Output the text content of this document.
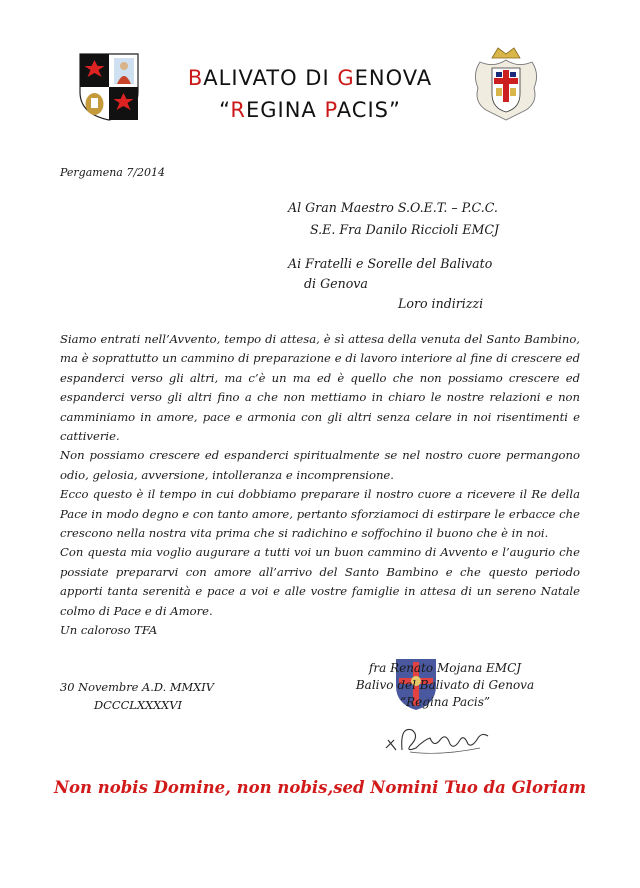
BALIVATO DI GENOVA
“REGINA PACIS”
Pergamena 7/2014
Al Gran Maestro S.O.E.T. – P.C.C.
S.E. Fra Danilo Riccioli EMCJ
Ai Fratelli e Sorelle del Balivato
di Genova
Loro indirizzi

Siamo entrati nell’Avvento, tempo di attesa, è sì attesa della venuta del Santo Bambino, ma è soprattutto un cammino di preparazione e di lavoro interiore al fine di crescere ed espanderci verso gli altri, ma c’è un ma ed è quello che non possiamo crescere ed espanderci verso gli altri fino a che non mettiamo in chiaro le nostre relazioni e non camminiamo in amore, pace e armonia con gli altri senza celare in noi risentimenti e cattiverie.

Non possiamo crescere ed espanderci spiritualmente se nel nostro cuore permangono odio, gelosia, avversione, intolleranza e incomprensione.

Ecco questo è il tempo in cui dobbiamo preparare il nostro cuore a ricevere il Re della Pace in modo degno e con tanto amore, pertanto sforziamoci di estirpare le erbacce che crescono nella nostra vita prima che si radichino e soffochino il buono che è in noi.

Con questa mia voglio augurare a tutti voi un buon cammino di Avvento e l’augurio che possiate prepararvi con amore all’arrivo del Santo Bambino e che questo periodo apporti tanta serenità e pace a voi e alle vostre famiglie in attesa di un sereno Natale colmo di Pace e di Amore.

Un caloroso TFA

30 Novembre A.D. MMXIV
DCCCLXXXXVI
fra Renato Mojana EMCJ
Balivo del Balivato di Genova
“Regina Pacis”
Non nobis Domine, non nobis,sed Nomini Tuo da Gloriam
